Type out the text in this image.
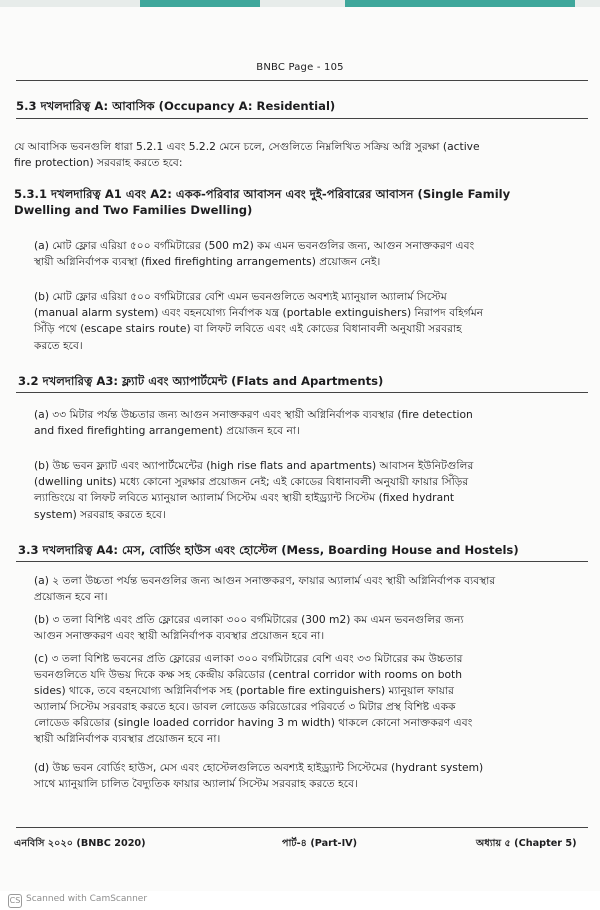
BNBC Page - 105
5.3 দখলদারিত্ব A: আবাসিক (Occupancy A: Residential)
যে আবাসিক ভবনগুলি ধারা 5.2.1 এবং 5.2.2 মেনে চলে, সেগুলিতে নিম্নলিখিত সক্রিয় অগ্নি সুরক্ষা (active
fire protection) সরবরাহ করতে হবে:
5.3.1 দখলদারিত্ব A1 এবং A2: একক-পরিবার আবাসন এবং দুই-পরিবারের আবাসন (Single Family
Dwelling and Two Families Dwelling)
(a) মোট ফ্লোর এরিয়া ৫০০ বর্গমিটারের (500 m2) কম এমন ভবনগুলির জন্য, আগুন সনাক্তকরণ এবং
স্থায়ী অগ্নিনির্বাপক ব্যবস্থা (fixed firefighting arrangements) প্রয়োজন নেই।
(b) মোট ফ্লোর এরিয়া ৫০০ বর্গমিটারের বেশি এমন ভবনগুলিতে অবশ্যই ম্যানুয়াল অ্যালার্ম সিস্টেম
(manual alarm system) এবং বহনযোগ্য নির্বাপক যন্ত্র (portable extinguishers) নিরাপদ বহির্গমন
সিঁড়ি পথে (escape stairs route) বা লিফট লবিতে এবং এই কোডের বিধানাবলী অনুযায়ী সরবরাহ
করতে হবে।
3.2 দখলদারিত্ব A3: ফ্ল্যাট এবং অ্যাপার্টমেন্ট (Flats and Apartments)
(a) ৩৩ মিটার পর্যন্ত উচ্চতার জন্য আগুন সনাক্তকরণ এবং স্থায়ী অগ্নিনির্বাপক ব্যবস্থার (fire detection
and fixed firefighting arrangement) প্রয়োজন হবে না।
(b) উচ্চ ভবন ফ্ল্যাট এবং অ্যাপার্টমেন্টের (high rise flats and apartments) আবাসন ইউনিটগুলির
(dwelling units) মধ্যে কোনো সুরক্ষার প্রয়োজন নেই; এই কোডের বিধানাবলী অনুযায়ী ফায়ার সিঁড়ির
ল্যান্ডিংয়ে বা লিফট লবিতে ম্যানুয়াল অ্যালার্ম সিস্টেম এবং স্থায়ী হাইড্র্যান্ট সিস্টেম (fixed hydrant
system) সরবরাহ করতে হবে।
3.3 দখলদারিত্ব A4: মেস, বোর্ডিং হাউস এবং হোস্টেল (Mess, Boarding House and Hostels)
(a) ২ তলা উচ্চতা পর্যন্ত ভবনগুলির জন্য আগুন সনাক্তকরণ, ফায়ার অ্যালার্ম এবং স্থায়ী অগ্নিনির্বাপক ব্যবস্থার
প্রয়োজন হবে না।
(b) ৩ তলা বিশিষ্ট এবং প্রতি ফ্লোরের এলাকা ৩০০ বর্গমিটারের (300 m2) কম এমন ভবনগুলির জন্য
আগুন সনাক্তকরণ এবং স্থায়ী অগ্নিনির্বাপক ব্যবস্থার প্রয়োজন হবে না।
(c) ৩ তলা বিশিষ্ট ভবনের প্রতি ফ্লোরের এলাকা ৩০০ বর্গমিটারের বেশি এবং ৩৩ মিটারের কম উচ্চতার
ভবনগুলিতে যদি উভয় দিকে কক্ষ সহ কেন্দ্রীয় করিডোর (central corridor with rooms on both
sides) থাকে, তবে বহনযোগ্য অগ্নিনির্বাপক সহ (portable fire extinguishers) ম্যানুয়াল ফায়ার
অ্যালার্ম সিস্টেম সরবরাহ করতে হবে। ডাবল লোডেড করিডোরের পরিবর্তে ৩ মিটার প্রস্থ বিশিষ্ট একক
লোডেড করিডোর (single loaded corridor having 3 m width) থাকলে কোনো সনাক্তকরণ এবং
স্থায়ী অগ্নিনির্বাপক ব্যবস্থার প্রয়োজন হবে না।
(d) উচ্চ ভবন বোর্ডিং হাউস, মেস এবং হোস্টেলগুলিতে অবশ্যই হাইড্র্যান্ট সিস্টেমের (hydrant system)
সাথে ম্যানুয়ালি চালিত বৈদ্যুতিক ফায়ার অ্যালার্ম সিস্টেম সরবরাহ করতে হবে।
এনবিসি ২০২০ (BNBC 2020)	পার্ট-৪ (Part-IV)	অধ্যায় ৫ (Chapter 5)
CS Scanned with CamScanner
